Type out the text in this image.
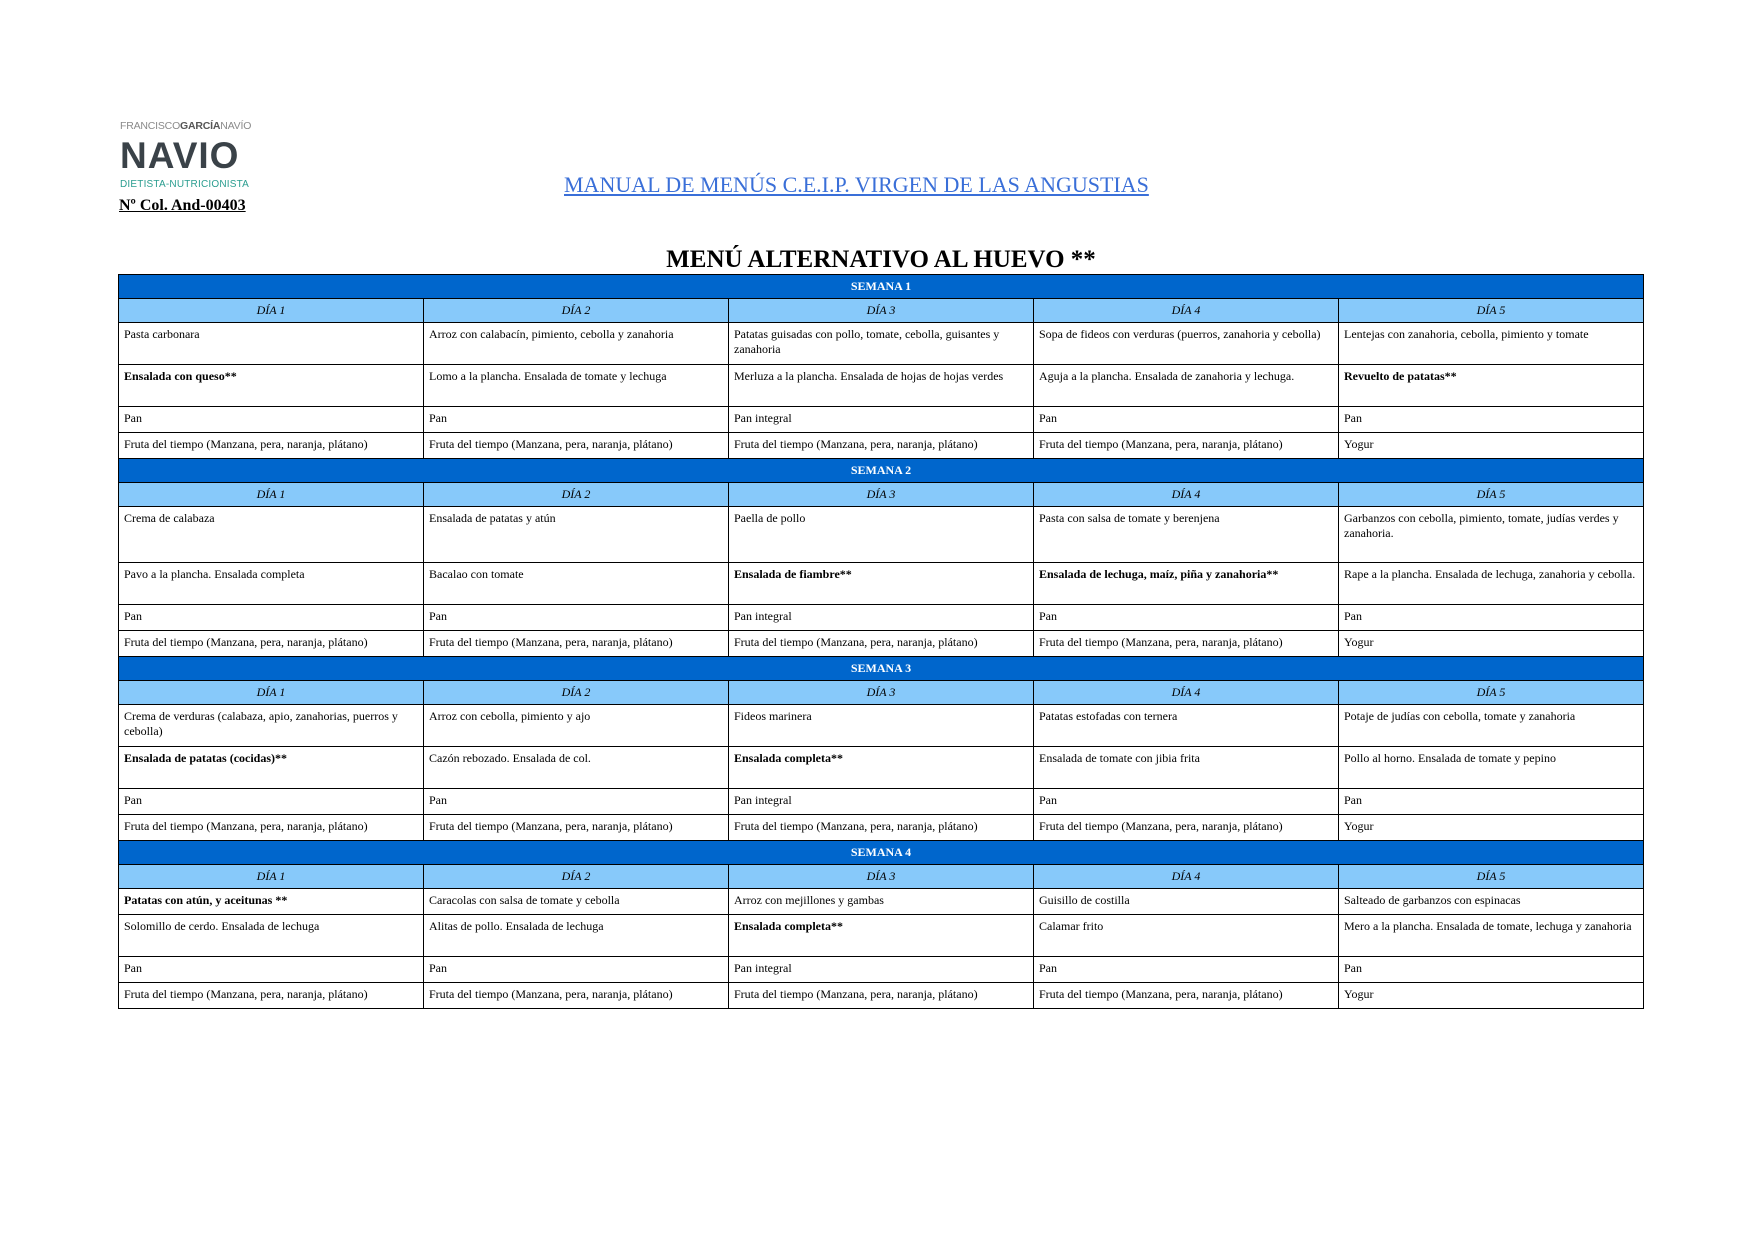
FRANCISCOGARCÍANAVÍO
NAVIO
DIETISTA-NUTRICIONISTA
Nº Col. And-00403
MANUAL DE MENÚS C.E.I.P. VIRGEN DE LAS ANGUSTIAS
MENÚ ALTERNATIVO AL HUEVO **
SEMANA 1				
DÍA 1	DÍA 2	DÍA 3	DÍA 4	DÍA 5
Pasta carbonara	Arroz con calabacín, pimiento, cebolla y zanahoria	Patatas guisadas con pollo, tomate, cebolla, guisantes y zanahoria	Sopa de fideos con verduras (puerros, zanahoria y cebolla)	Lentejas con zanahoria, cebolla, pimiento y tomate
Ensalada con queso**	Lomo a la plancha. Ensalada de tomate y lechuga	Merluza a la plancha. Ensalada de hojas de hojas verdes	Aguja a la plancha. Ensalada de zanahoria y lechuga.	Revuelto de patatas**
Pan	Pan	Pan integral	Pan	Pan
Fruta del tiempo (Manzana, pera, naranja, plátano)	Fruta del tiempo (Manzana, pera, naranja, plátano)	Fruta del tiempo (Manzana, pera, naranja, plátano)	Fruta del tiempo (Manzana, pera, naranja, plátano)	Yogur
SEMANA 2				
DÍA 1	DÍA 2	DÍA 3	DÍA 4	DÍA 5
Crema de calabaza	Ensalada de patatas y atún	Paella de pollo	Pasta con salsa de tomate y berenjena	Garbanzos con cebolla, pimiento, tomate, judías verdes y zanahoria.
Pavo a la plancha. Ensalada completa	Bacalao con tomate	Ensalada de fiambre**	Ensalada de lechuga, maíz, piña y zanahoria**	Rape a la plancha. Ensalada de lechuga, zanahoria y cebolla.
Pan	Pan	Pan integral	Pan	Pan
Fruta del tiempo (Manzana, pera, naranja, plátano)	Fruta del tiempo (Manzana, pera, naranja, plátano)	Fruta del tiempo (Manzana, pera, naranja, plátano)	Fruta del tiempo (Manzana, pera, naranja, plátano)	Yogur
SEMANA 3				
DÍA 1	DÍA 2	DÍA 3	DÍA 4	DÍA 5
Crema de verduras (calabaza, apio, zanahorias, puerros y cebolla)	Arroz con cebolla, pimiento y ajo	Fideos marinera	Patatas estofadas con ternera	Potaje de judías con cebolla, tomate y zanahoria
Ensalada de patatas (cocidas)**	Cazón rebozado. Ensalada de col.	Ensalada completa**	Ensalada de tomate con jibia frita	Pollo al horno. Ensalada de tomate y pepino
Pan	Pan	Pan integral	Pan	Pan
Fruta del tiempo (Manzana, pera, naranja, plátano)	Fruta del tiempo (Manzana, pera, naranja, plátano)	Fruta del tiempo (Manzana, pera, naranja, plátano)	Fruta del tiempo (Manzana, pera, naranja, plátano)	Yogur
SEMANA 4				
DÍA 1	DÍA 2	DÍA 3	DÍA 4	DÍA 5
Patatas con atún, y aceitunas **	Caracolas con salsa de tomate y cebolla	Arroz con mejillones y gambas	Guisillo de costilla	Salteado de garbanzos con espinacas
Solomillo de cerdo. Ensalada de lechuga	Alitas de pollo. Ensalada de lechuga	Ensalada completa**	Calamar frito	Mero a la plancha. Ensalada de tomate, lechuga y zanahoria
Pan	Pan	Pan integral	Pan	Pan
Fruta del tiempo (Manzana, pera, naranja, plátano)	Fruta del tiempo (Manzana, pera, naranja, plátano)	Fruta del tiempo (Manzana, pera, naranja, plátano)	Fruta del tiempo (Manzana, pera, naranja, plátano)	Yogur
